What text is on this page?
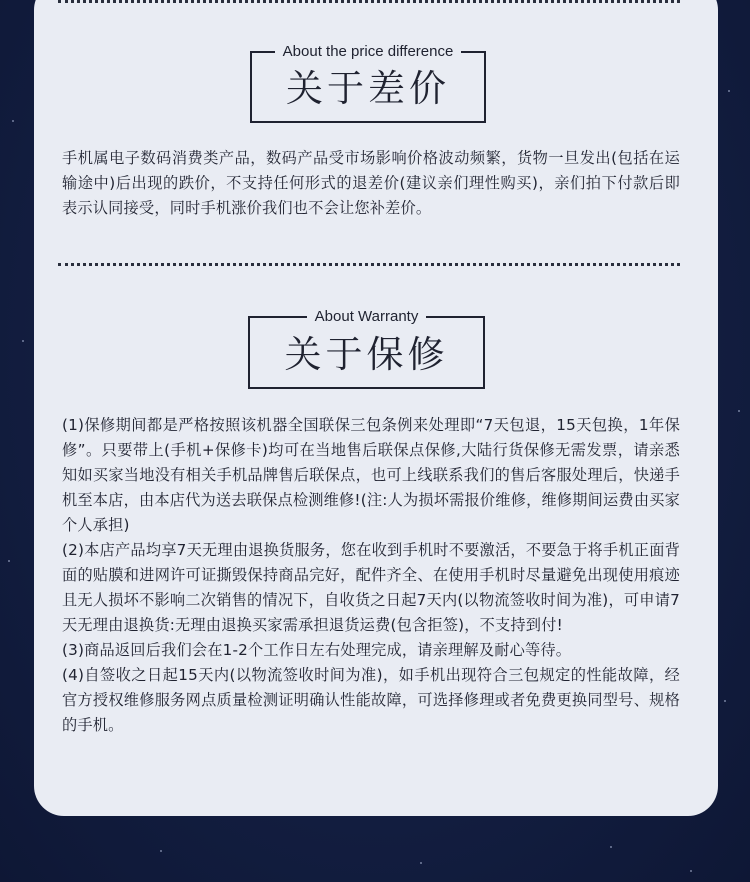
About the price difference
关于差价

手机属电子数码消费类产品，数码产品受市场影响价格波动频繁，货物一旦发出(包括在运输途中)后出现的跌价，不支持任何形式的退差价(建议亲们理性购买)，亲们拍下付款后即表示认同接受，同时手机涨价我们也不会让您补差价。

About Warranty
关于保修

(1)保修期间都是严格按照该机器全国联保三包条例来处理即“7天包退，15天包换，1年保修”。只要带上(手机+保修卡)均可在当地售后联保点保修,大陆行货保修无需发票，请亲悉知如买家当地没有相关手机品牌售后联保点，也可上线联系我们的售后客服处理后，快递手机至本店，由本店代为送去联保点检测维修!(注:人为损坏需报价维修，维修期间运费由买家个人承担)

(2)本店产品均享7天无理由退换货服务，您在收到手机时不要激活，不要急于将手机正面背面的贴膜和进网许可证撕毁保持商品完好，配件齐全、在使用手机时尽量避免出现使用痕迹且无人损坏不影响二次销售的情况下，自收货之日起7天内(以物流签收时间为准)，可申请7天无理由退换货:无理由退换买家需承担退货运费(包含拒签)，不支持到付!

(3)商品返回后我们会在1-2个工作日左右处理完成，请亲理解及耐心等待。

(4)自签收之日起15天内(以物流签收时间为准)，如手机出现符合三包规定的性能故障，经官方授权维修服务网点质量检测证明确认性能故障，可选择修理或者免费更换同型号、规格的手机。
